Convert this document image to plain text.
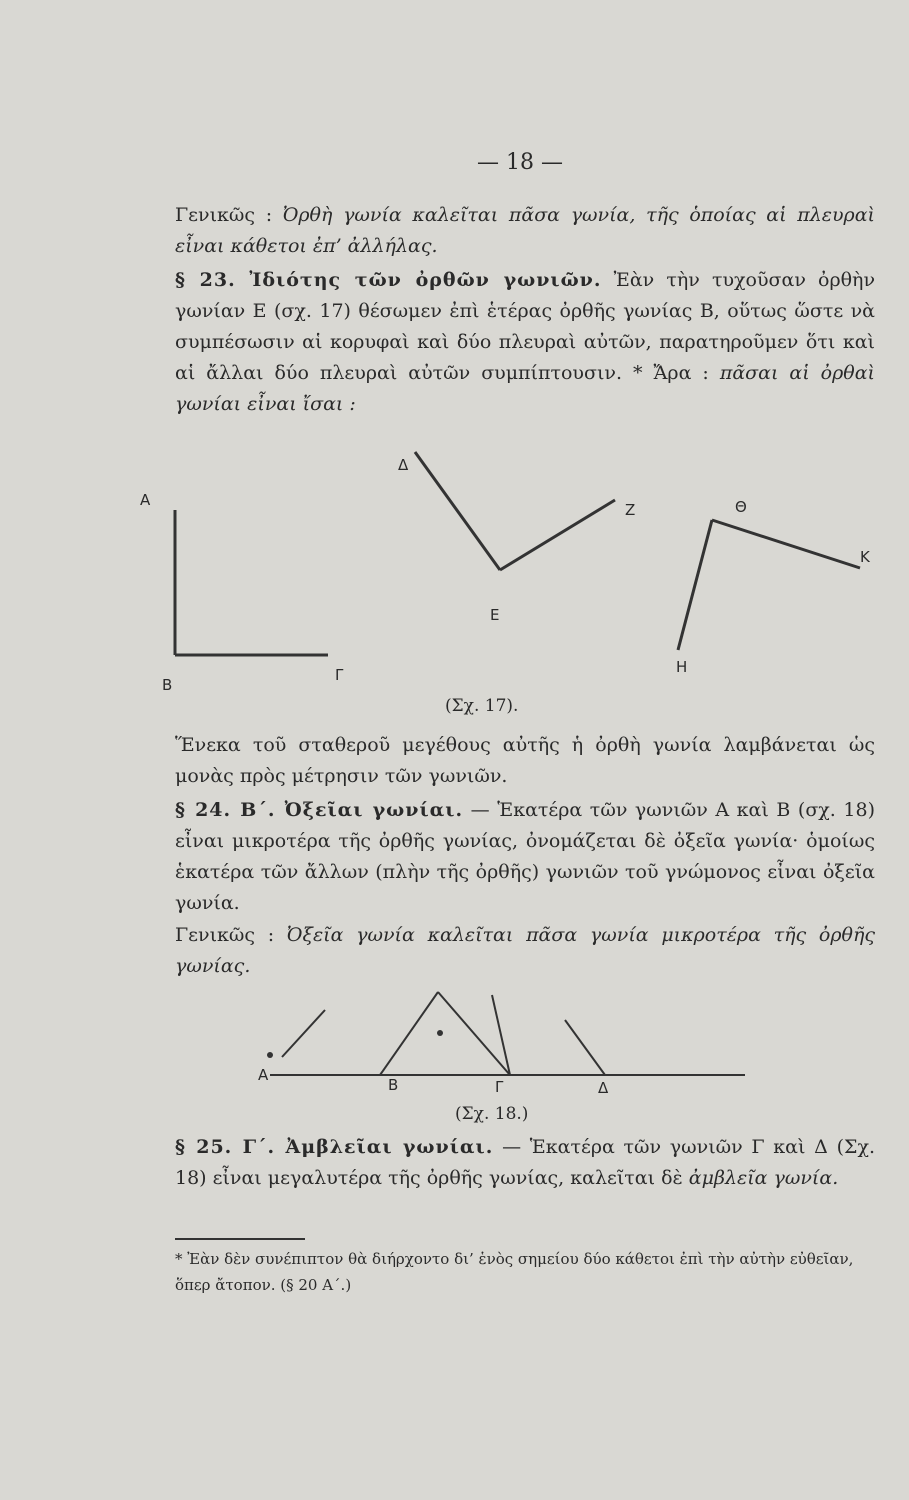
— 18 —
Γενικῶς : Ὀρθὴ γωνία καλεῖται πᾶσα γωνία, τῆς ὁποίας αἱ πλευραὶ εἶναι κάθετοι ἐπ’ ἀλλήλας.
§ 23. Ἰδιότης τῶν ὀρθῶν γωνιῶν. Ἐὰν τὴν τυχοῦσαν ὀρθὴν γωνίαν Ε (σχ. 17) θέσωμεν ἐπὶ ἑτέρας ὀρθῆς γωνίας Β, οὕτως ὥστε νὰ συμπέσωσιν αἱ κορυφαὶ καὶ δύο πλευραὶ αὐτῶν, παρατηροῦμεν ὅτι καὶ αἱ ἄλλαι δύο πλευραὶ αὐτῶν συμπίπτουσιν. * Ἄρα : πᾶσαι αἱ ὀρθαὶ γωνίαι εἶναι ἴσαι :
A
B
Γ
Δ
E
Z
H
Θ
K
A
B	Γ	Δ
(Σχ. 17).
Ἕνεκα τοῦ σταθεροῦ μεγέθους αὐτῆς ἡ ὀρθὴ γωνία λαμβάνεται ὡς μονὰς πρὸς μέτρησιν τῶν γωνιῶν.
§ 24. Β΄. Ὀξεῖαι γωνίαι. — Ἑκατέρα τῶν γωνιῶν Α καὶ Β (σχ. 18) εἶναι μικροτέρα τῆς ὀρθῆς γωνίας, ὀνομάζεται δὲ ὀξεῖα γωνία· ὁμοίως ἑκατέρα τῶν ἄλλων (πλὴν τῆς ὀρθῆς) γωνιῶν τοῦ γνώμονος εἶναι ὀξεῖα γωνία.
Γενικῶς : Ὀξεῖα γωνία καλεῖται πᾶσα γωνία μικροτέρα τῆς ὀρθῆς γωνίας.
(Σχ. 18.)
§ 25. Γ΄. Ἀμβλεῖαι γωνίαι. — Ἑκατέρα τῶν γωνιῶν Γ καὶ Δ (Σχ. 18) εἶναι μεγαλυτέρα τῆς ὀρθῆς γωνίας, καλεῖται δὲ ἀμβλεῖα γωνία.
* Ἐὰν δὲν συνέπιπτον θὰ διήρχοντο δι’ ἑνὸς σημείου δύο κάθετοι ἐπὶ τὴν αὐτὴν εὐθεῖαν, ὅπερ ἄτοπον. (§ 20 Α΄.)
